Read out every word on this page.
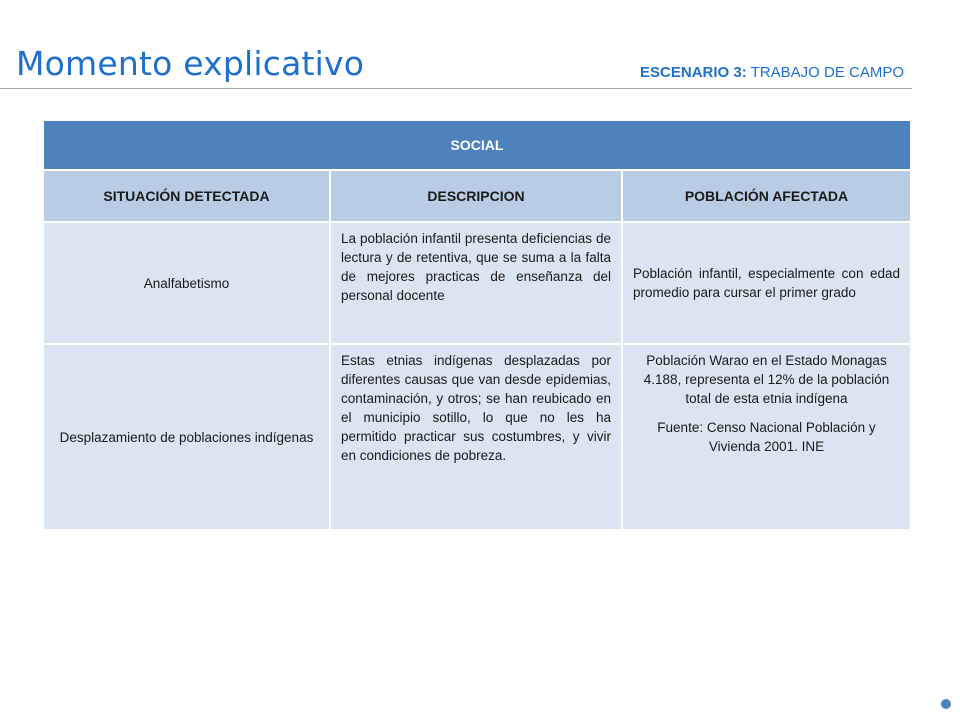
Momento explicativo	ESCENARIO 3: TRABAJO DE CAMPO
SOCIAL		
SITUACIÓN DETECTADA	DESCRIPCION	POBLACIÓN AFECTADA
Analfabetismo	La población infantil presenta deficiencias de lectura y de retentiva, que se suma a la falta de mejores practicas de enseñanza del personal docente	Población infantil, especialmente con edad promedio para cursar el primer grado
Desplazamiento de poblaciones indígenas	Estas etnias indígenas desplazadas por diferentes causas que van desde epidemias, contaminación, y otros; se han reubicado en el municipio sotillo, lo que no les ha permitido practicar sus costumbres, y vivir en condiciones de pobreza.	Población Warao en el Estado Monagas 4.188, representa el 12% de la población total de esta etnia indígena

Fuente: Censo Nacional Población y Vivienda 2001. INE
